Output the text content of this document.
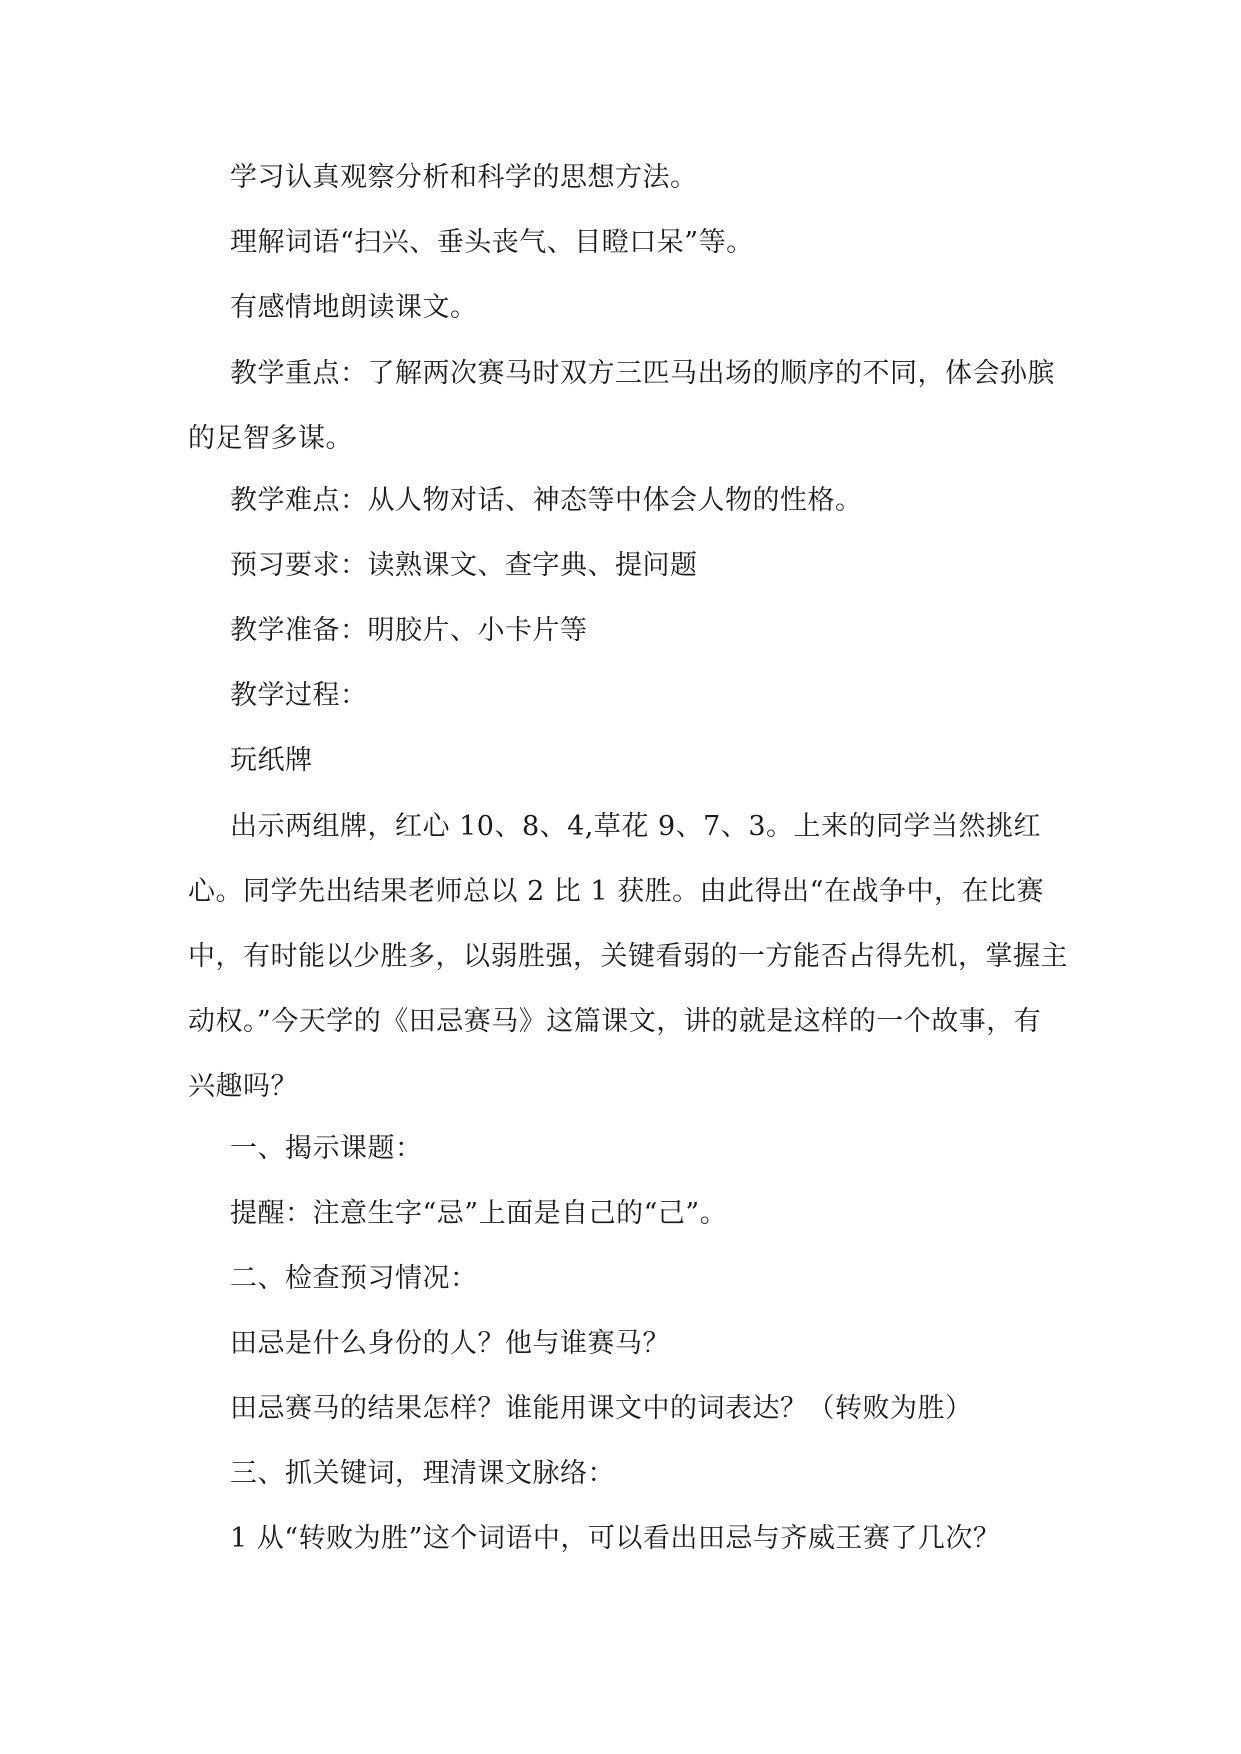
学习认真观察分析和科学的思想方法。

理解词语“扫兴、垂头丧气、目瞪口呆”等。

有感情地朗读课文。

教学重点：了解两次赛马时双方三匹马出场的顺序的不同，体会孙膑的足智多谋。

教学难点：从人物对话、神态等中体会人物的性格。

预习要求：读熟课文、查字典、提问题

教学准备：明胶片、小卡片等

教学过程：

玩纸牌

出示两组牌，红心 10、8、4,草花 9、7、3。上来的同学当然挑红心。同学先出结果老师总以 2 比 1 获胜。由此得出“在战争中，在比赛中，有时能以少胜多，以弱胜强，关键看弱的一方能否占得先机，掌握主动权。”今天学的《田忌赛马》这篇课文，讲的就是这样的一个故事，有兴趣吗？

一、揭示课题：

提醒：注意生字“忌”上面是自己的“己”。

二、检查预习情况：

田忌是什么身份的人？他与谁赛马？

田忌赛马的结果怎样？谁能用课文中的词表达？（转败为胜）

三、抓关键词，理清课文脉络：

1 从“转败为胜”这个词语中，可以看出田忌与齐威王赛了几次？
